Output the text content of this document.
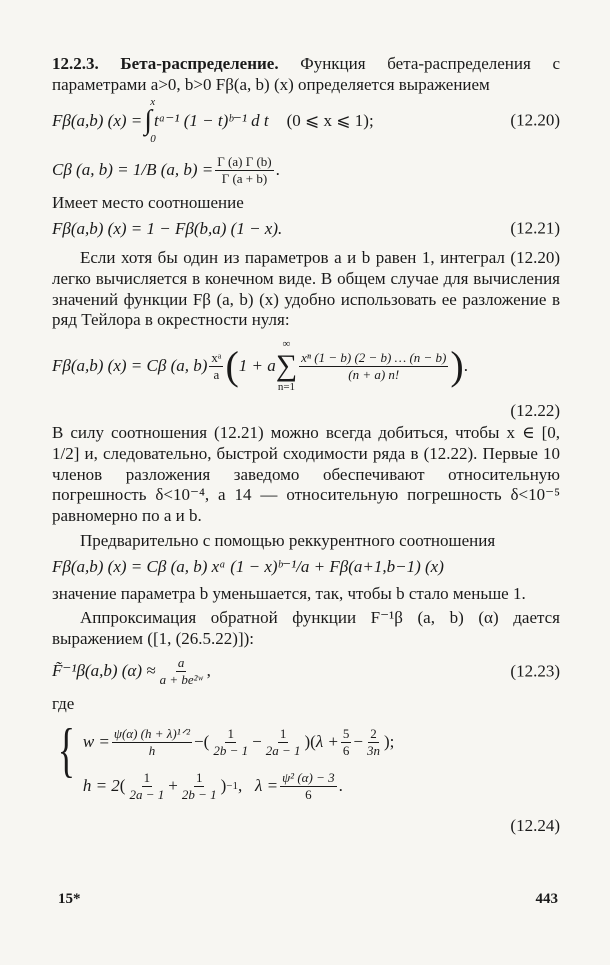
12.2.3. Бета-распределение. Функция бета-распределения с параметрами a>0, b>0 Fβ(a, b) (x) определяется выражением

Fβ(a,b) (x) = ∫
x
0
tᵃ⁻¹ (1 − t)ᵇ⁻¹ d t (0 ⩽ x ⩽ 1);	(12.20)
Cβ (a, b) = 1/B (a, $b) = \frac{\Gamma (a) \Gamma (b)}{\Gamma (a + b)}$ .

Имеет место соотношение

Fβ(a,b) (x) = 1 − Fβ(b,a) (1 − x).	(12.21)

Если хотя бы один из параметров a и b равен 1, интеграл (12.20) легко вычисляется в конечном виде. В общем случае для вычисления значений функции Fβ (a, b) (x) удобно использовать ее разложение в ряд Тейлора в окрестности нуля:

Fβ(a,b) (x) = Cβ (a, $b) \frac{\text{xᵃ}}{a}$ ( 1 + a
∞
∑
n=1
$\frac{\text{xⁿ (1 − b) (2 − b) … (n − b)}}{(n + a) n!}$ ) .
(12.22)

В силу соотношения (12.21) можно всегда добиться, чтобы x ∈ [0, 1/2] и, следовательно, быстрой сходимости ряда в (12.22). Первые 10 членов разложения заведомо обеспечивают относительную погрешность δ<10⁻⁴, а 14 — относительную погрешность δ<10⁻⁵ равномерно по a и b.

Предварительно с помощью реккурентного соотношения

Fβ(a,b) (x) = Cβ (a, b) xᵃ (1 − x)ᵇ⁻¹/a + Fβ(a+1,b−1) (x)

значение параметра b уменьшается, так, чтобы b стало меньше 1.

Аппроксимация обратной функции F⁻¹β (a, b) (α) дается выражением ([1, (26.5.22)]):

F̃⁻¹β(a,b) $(\alpha) \approx \frac{a}{\text{a + be²ʷ}}$ ,	(12.23)

где

{ $w = \frac{\text{ψ(α) (h + λ)¹ᐟ²}}{h}$ − ( $\frac{1}{2b - 1} - \frac{1}{2a - 1}$ ) ( $\lambda + \frac{5}{6} - \frac{2}{3n}$ ) ;
h = 2 ( $\frac{1}{2a - 1} + \frac{1}{2b - 1}$ ) −1 , $\lambda = \frac{\text{ψ² (α) − 3}}{6}$ .
(12.24)
15*	443
